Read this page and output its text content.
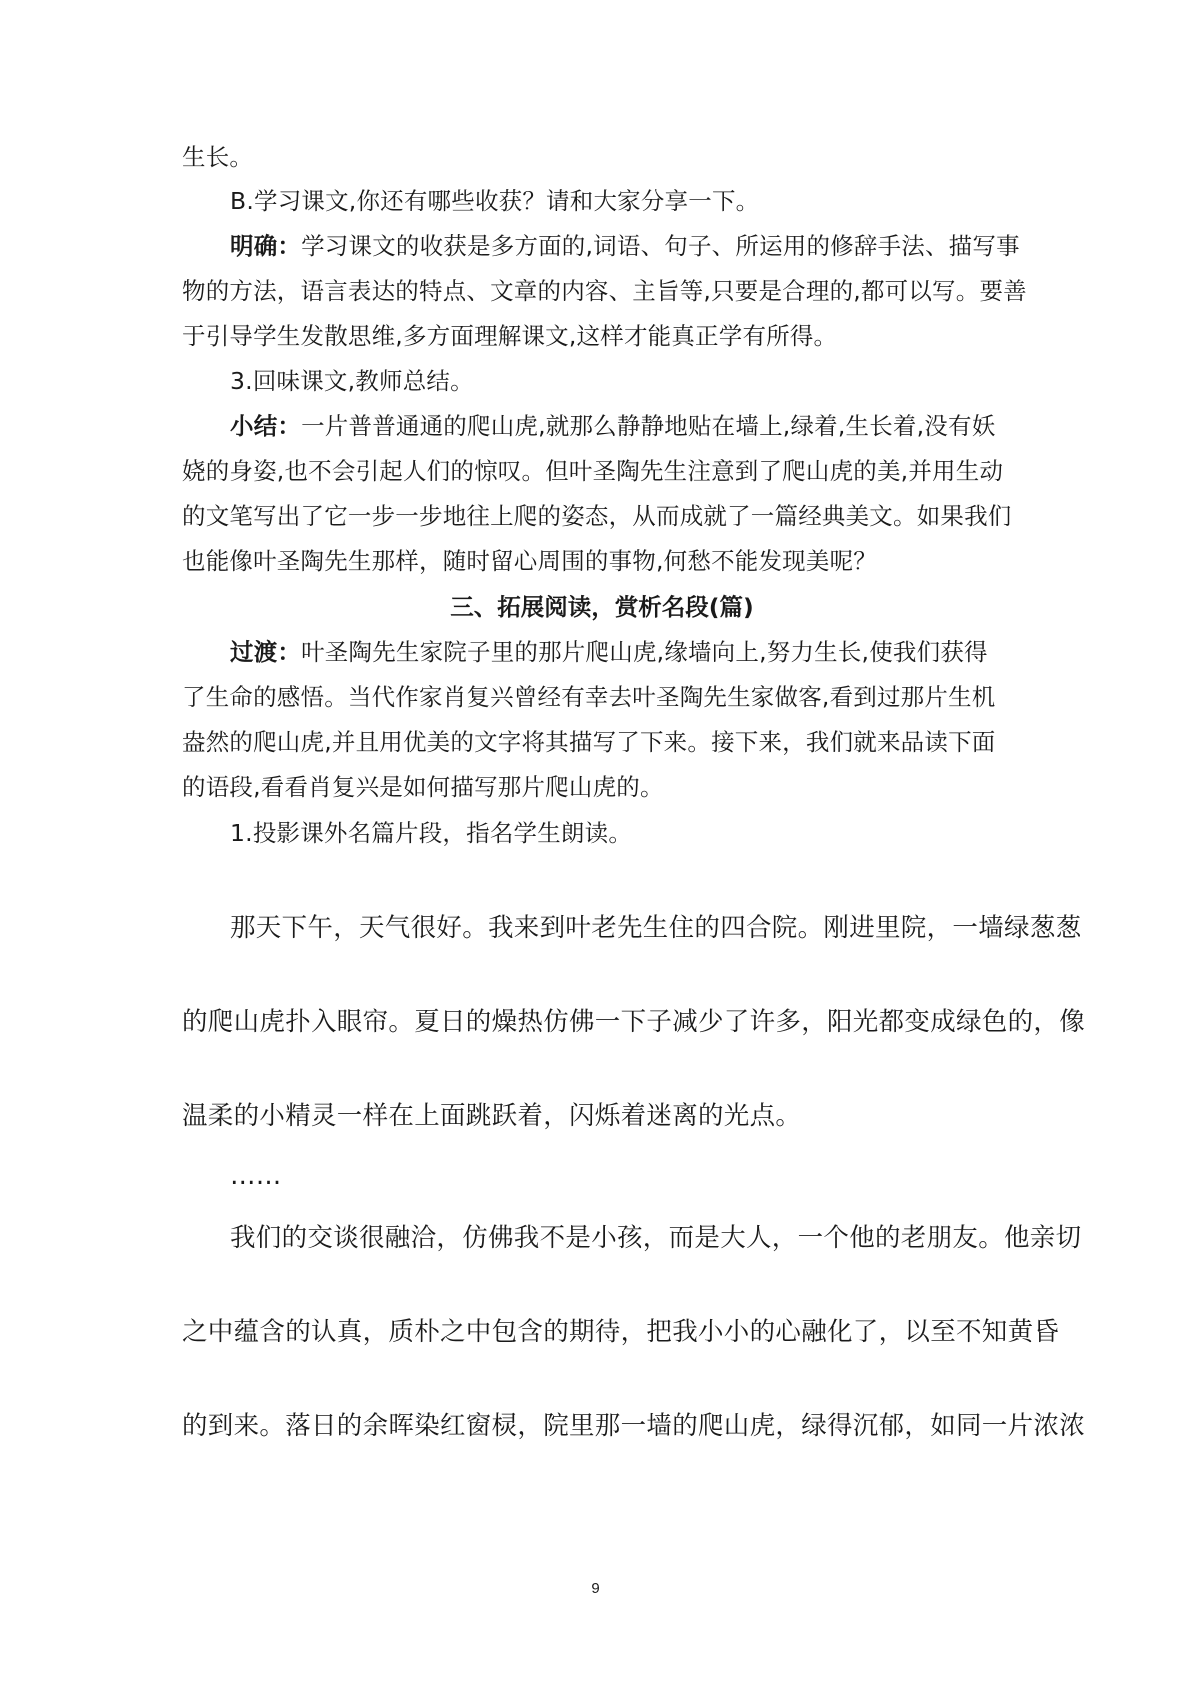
生长。
B.学习课文,你还有哪些收获？请和大家分享一下。
明确：学习课文的收获是多方面的,词语、句子、所运用的修辞手法、描写事
物的方法，语言表达的特点、文章的内容、主旨等,只要是合理的,都可以写。要善
于引导学生发散思维,多方面理解课文,这样才能真正学有所得。
3.回味课文,教师总结。
小结：一片普普通通的爬山虎,就那么静静地贴在墙上,绿着,生长着,没有妖
娆的身姿,也不会引起人们的惊叹。但叶圣陶先生注意到了爬山虎的美,并用生动
的文笔写出了它一步一步地往上爬的姿态，从而成就了一篇经典美文。如果我们
也能像叶圣陶先生那样，随时留心周围的事物,何愁不能发现美呢？
三、拓展阅读，赏析名段(篇)
过渡：叶圣陶先生家院子里的那片爬山虎,缘墙向上,努力生长,使我们获得
了生命的感悟。当代作家肖复兴曾经有幸去叶圣陶先生家做客,看到过那片生机
盎然的爬山虎,并且用优美的文字将其描写了下来。接下来，我们就来品读下面
的语段,看看肖复兴是如何描写那片爬山虎的。
1.投影课外名篇片段，指名学生朗读。
那天下午，天气很好。我来到叶老先生住的四合院。刚进里院，一墙绿葱葱
的爬山虎扑入眼帘。夏日的燥热仿佛一下子减少了许多，阳光都变成绿色的，像
温柔的小精灵一样在上面跳跃着，闪烁着迷离的光点。
……
我们的交谈很融洽，仿佛我不是小孩，而是大人，一个他的老朋友。他亲切
之中蕴含的认真，质朴之中包含的期待，把我小小的心融化了，以至不知黄昏
的到来。落日的余晖染红窗棂，院里那一墙的爬山虎，绿得沉郁，如同一片浓浓
9
